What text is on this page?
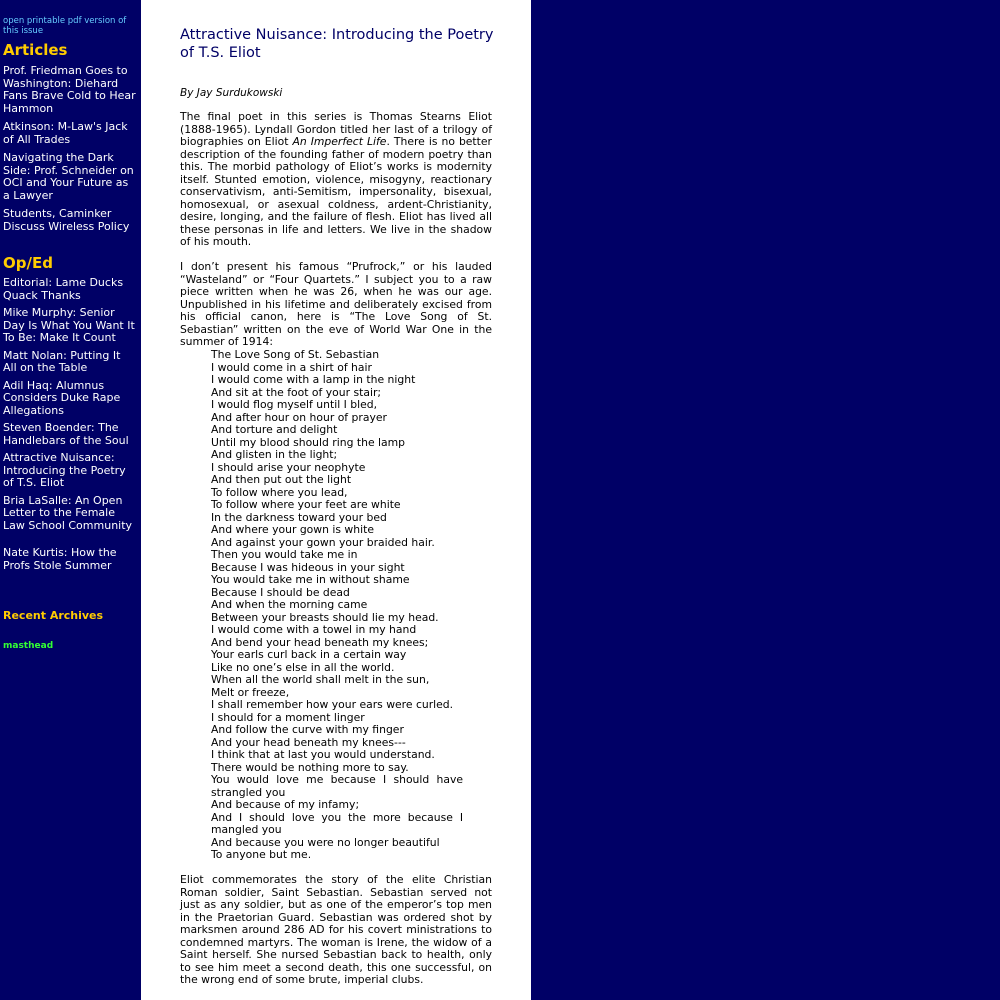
open printable pdf version of this issue
Articles
Prof. Friedman Goes to Washington: Diehard Fans Brave Cold to Hear Hammon
Atkinson: M-Law's Jack of All Trades
Navigating the Dark Side: Prof. Schneider on OCI and Your Future as a Lawyer
Students, Caminker Discuss Wireless Policy
Op/Ed
Editorial: Lame Ducks Quack Thanks
Mike Murphy: Senior Day Is What You Want It To Be: Make It Count
Matt Nolan: Putting It All on the Table
Adil Haq: Alumnus Considers Duke Rape Allegations
Steven Boender: The Handlebars of the Soul
Attractive Nuisance: Introducing the Poetry of T.S. Eliot
Bria LaSalle: An Open Letter to the Female Law School Community
Nate Kurtis: How the Profs Stole Summer
Recent Archives
masthead
Attractive Nuisance: Introducing the Poetry of T.S. Eliot

By Jay Surdukowski

The final poet in this series is Thomas Stearns Eliot (1888-1965). Lyndall Gordon titled her last of a trilogy of biographies on Eliot An Imperfect Life. There is no better description of the founding father of modern poetry than this. The morbid pathology of Eliot’s works is modernity itself. Stunted emotion, violence, misogyny, reactionary conservativism, anti-Semitism, impersonality, bisexual, homosexual, or asexual coldness, ardent-Christianity, desire, longing, and the failure of flesh. Eliot has lived all these personas in life and letters. We live in the shadow of his mouth.

I don’t present his famous “Prufrock,” or his lauded “Wasteland” or “Four Quartets.” I subject you to a raw piece written when he was 26, when he was our age. Unpublished in his lifetime and deliberately excised from his official canon, here is “The Love Song of St. Sebastian” written on the eve of World War One in the summer of 1914:

The Love Song of St. Sebastian
I would come in a shirt of hair
I would come with a lamp in the night
And sit at the foot of your stair;
I would flog myself until I bled,
And after hour on hour of prayer
And torture and delight
Until my blood should ring the lamp
And glisten in the light;
I should arise your neophyte
And then put out the light
To follow where you lead,
To follow where your feet are white
In the darkness toward your bed
And where your gown is white
And against your gown your braided hair.
Then you would take me in
Because I was hideous in your sight
You would take me in without shame
Because I should be dead
And when the morning came
Between your breasts should lie my head.
I would come with a towel in my hand
And bend your head beneath my knees;
Your earls curl back in a certain way
Like no one’s else in all the world.
When all the world shall melt in the sun,
Melt or freeze,
I shall remember how your ears were curled.
I should for a moment linger
And follow the curve with my finger
And your head beneath my knees---
I think that at last you would understand.
There would be nothing more to say.
You would love me because I should have strangled you
And because of my infamy;
And I should love you the more because I mangled you
And because you were no longer beautiful
To anyone but me.

Eliot commemorates the story of the elite Christian Roman soldier, Saint Sebastian. Sebastian served not just as any soldier, but as one of the emperor’s top men in the Praetorian Guard. Sebastian was ordered shot by marksmen around 286 AD for his covert ministrations to condemned martyrs. The woman is Irene, the widow of a Saint herself. She nursed Sebastian back to health, only to see him meet a second death, this one successful, on the wrong end of some brute, imperial clubs.
